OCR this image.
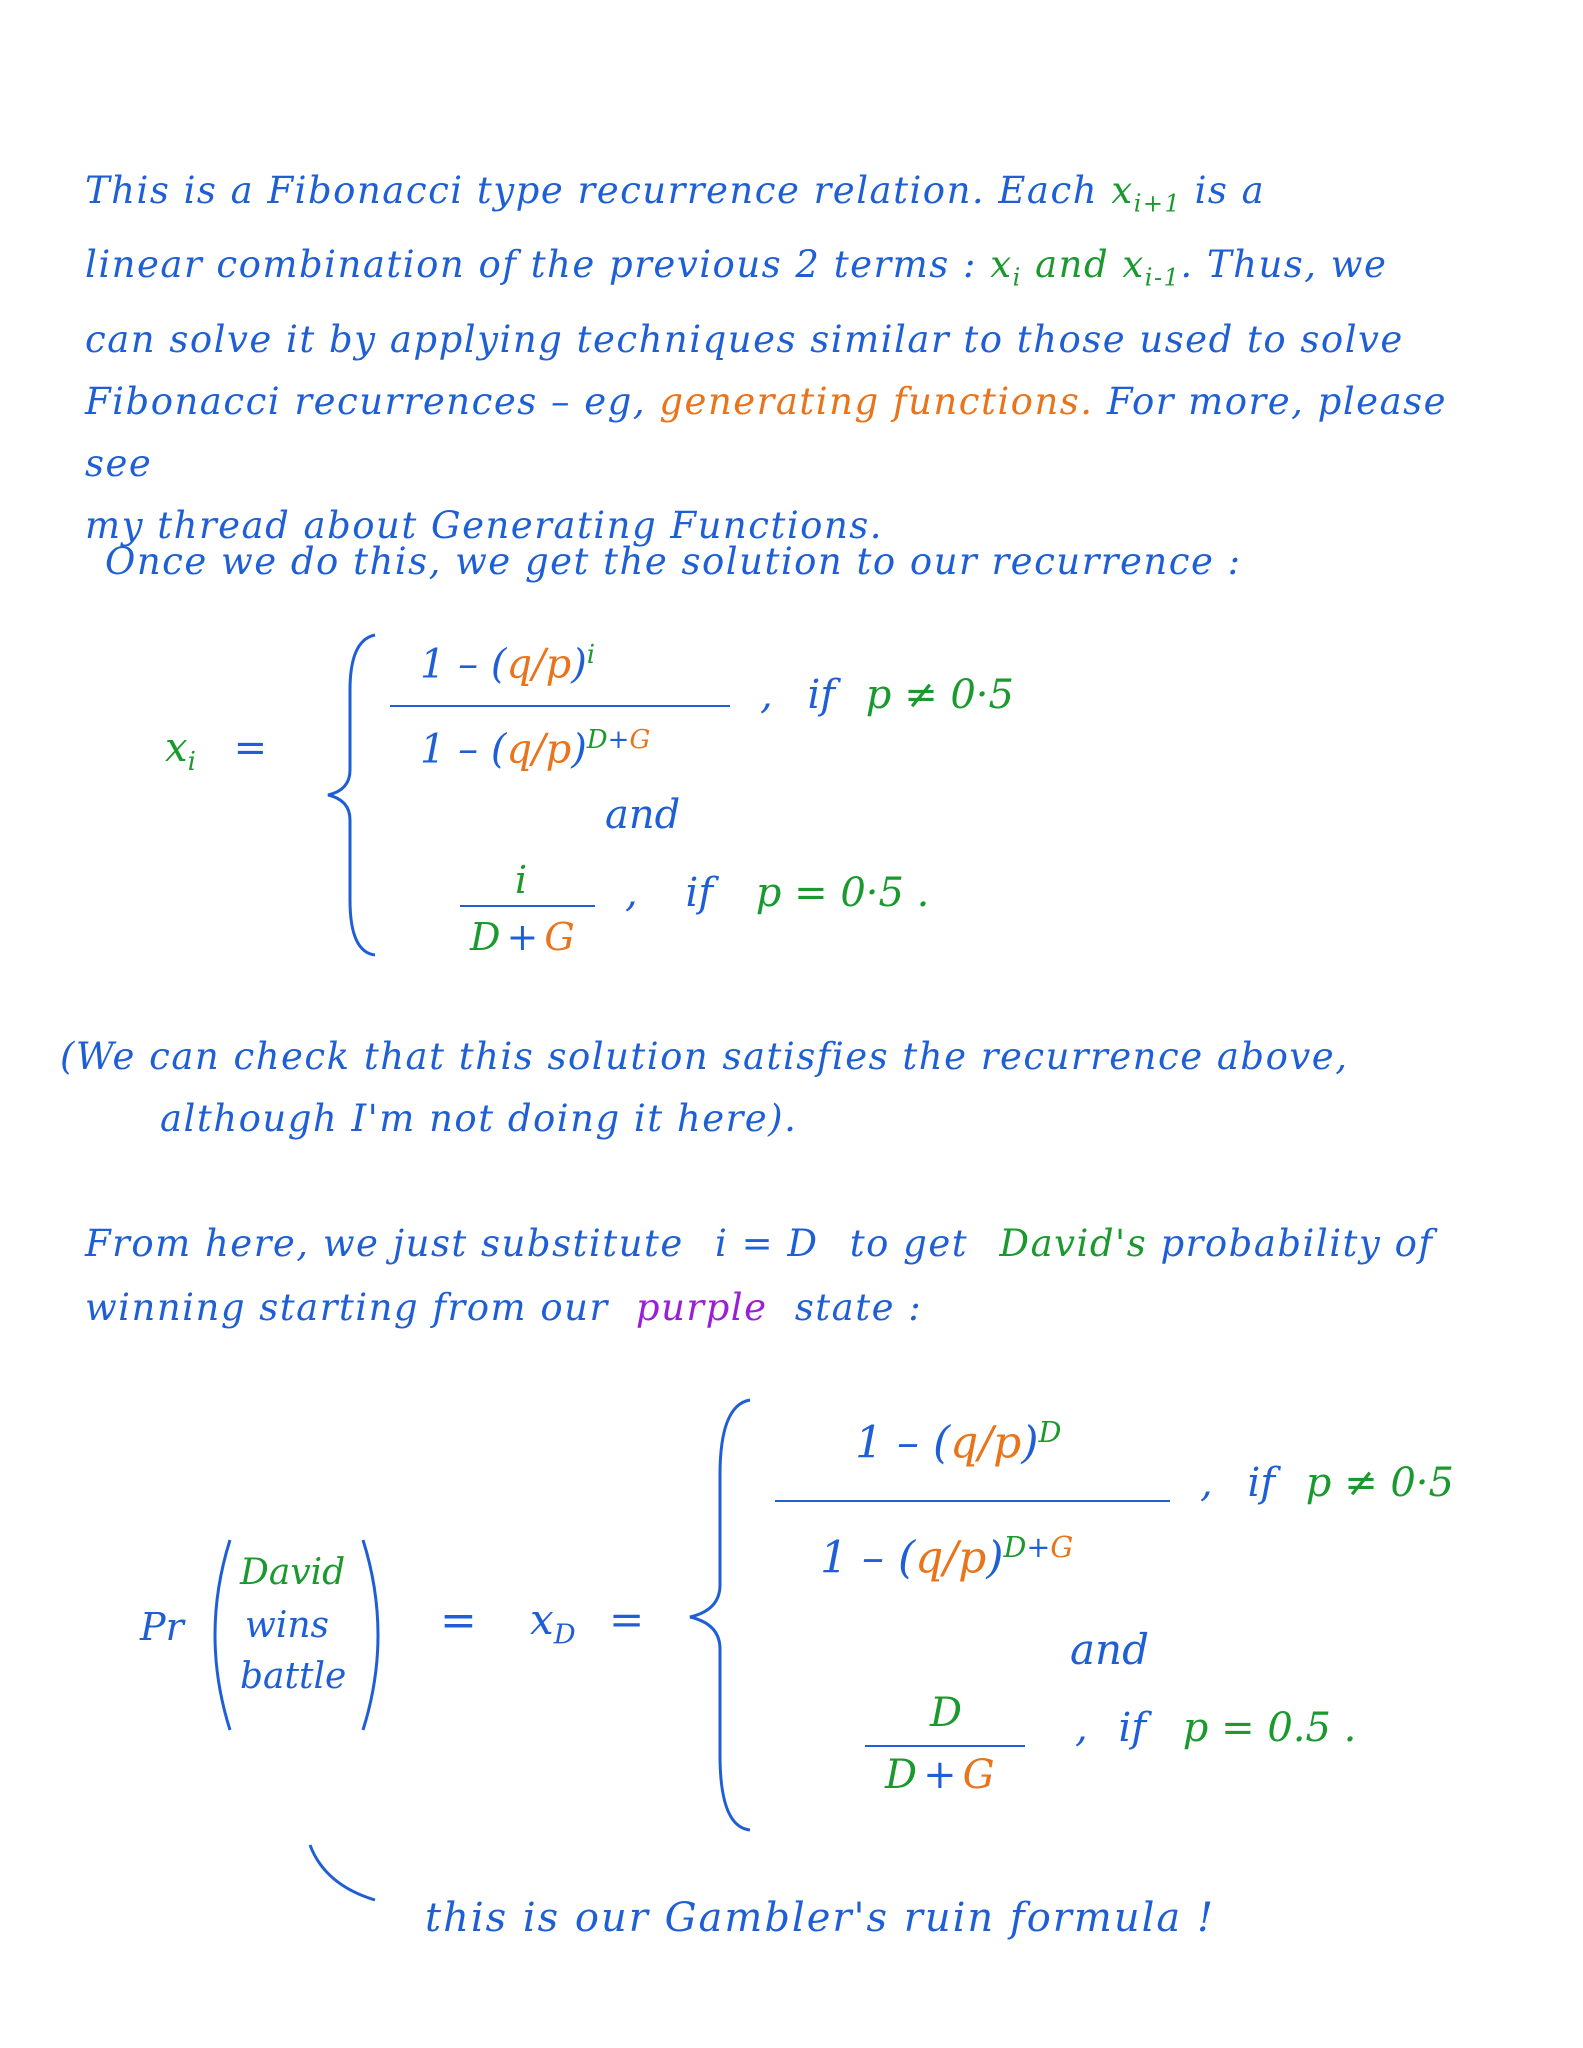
This is a Fibonacci type recurrence relation. Each $x_{i+1}$ is a
linear combination of the previous 2 terms : $x_i$ and $x_{i-1}$. Thus, we
can solve it by applying techniques similar to those used to solve
Fibonacci recurrences – eg, generating functions. For more, please see
my thread about Generating Functions.
Once we do this, we get the solution to our recurrence :
$x_i$ =
$1 - (q/p)^i$
$1 - (q/p)^{D+G}$
, if p ≠ 0·5
and
i
D + G
, if p = 0·5 .
(We can check that this solution satisfies the recurrence above,
although I'm not doing it here).
From here, we just substitute i = D to get David's probability of
winning starting from our purple state :
Pr
David
wins
battle
= $x_D$ =
$1 - (q/p)^D$
$1 - (q/p)^{D+G}$
, if p ≠ 0·5
and
D
D + G
, if p = 0.5 .
this is our Gambler's ruin formula !
